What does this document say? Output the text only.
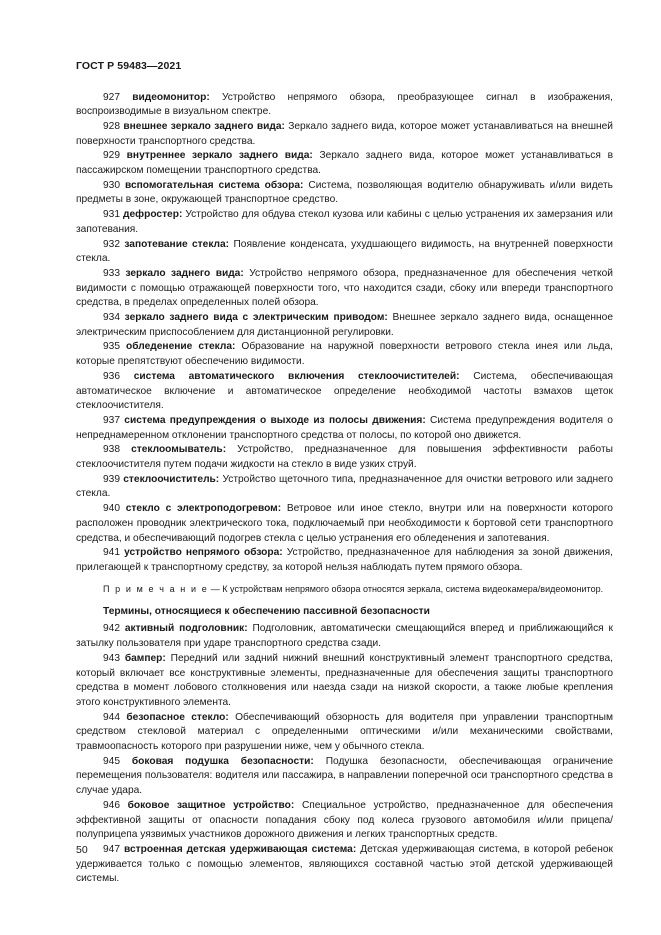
ГОСТ Р 59483—2021

927 видеомонитор: Устройство непрямого обзора, преобразующее сигнал в изображения, воспроизводимые в визуальном спектре.

928 внешнее зеркало заднего вида: Зеркало заднего вида, которое может устанавливаться на внешней поверхности транспортного средства.

929 внутреннее зеркало заднего вида: Зеркало заднего вида, которое может устанавливаться в пассажирском помещении транспортного средства.

930 вспомогательная система обзора: Система, позволяющая водителю обнаруживать и/или видеть предметы в зоне, окружающей транспортное средство.

931 дефростер: Устройство для обдува стекол кузова или кабины с целью устранения их замерзания или запотевания.

932 запотевание стекла: Появление конденсата, ухудшающего видимость, на внутренней поверхности стекла.

933 зеркало заднего вида: Устройство непрямого обзора, предназначенное для обеспечения четкой видимости с помощью отражающей поверхности того, что находится сзади, сбоку или впереди транспортного средства, в пределах определенных полей обзора.

934 зеркало заднего вида с электрическим приводом: Внешнее зеркало заднего вида, оснащенное электрическим приспособлением для дистанционной регулировки.

935 обледенение стекла: Образование на наружной поверхности ветрового стекла инея или льда, которые препятствуют обеспечению видимости.

936 система автоматического включения стеклоочистителей: Система, обеспечивающая автоматическое включение и автоматическое определение необходимой частоты взмахов щеток стеклоочистителя.

937 система предупреждения о выходе из полосы движения: Система предупреждения водителя о непреднамеренном отклонении транспортного средства от полосы, по которой оно движется.

938 стеклоомыватель: Устройство, предназначенное для повышения эффективности работы стеклоочистителя путем подачи жидкости на стекло в виде узких струй.

939 стеклоочиститель: Устройство щеточного типа, предназначенное для очистки ветрового или заднего стекла.

940 стекло с электроподогревом: Ветровое или иное стекло, внутри или на поверхности которого расположен проводник электрического тока, подключаемый при необходимости к бортовой сети транспортного средства, и обеспечивающий подогрев стекла с целью устранения его обледенения и запотевания.

941 устройство непрямого обзора: Устройство, предназначенное для наблюдения за зоной движения, прилегающей к транспортному средству, за которой нельзя наблюдать путем прямого обзора.

П р и м е ч а н и е — К устройствам непрямого обзора относятся зеркала, система видеокамера/видеомонитор.

Термины, относящиеся к обеспечению пассивной безопасности

942 активный подголовник: Подголовник, автоматически смещающийся вперед и приближающийся к затылку пользователя при ударе транспортного средства сзади.

943 бампер: Передний или задний нижний внешний конструктивный элемент транспортного средства, который включает все конструктивные элементы, предназначенные для обеспечения защиты транспортного средства в момент лобового столкновения или наезда сзади на низкой скорости, а также любые крепления этого конструктивного элемента.

944 безопасное стекло: Обеспечивающий обзорность для водителя при управлении транспортным средством стекловой материал с определенными оптическими и/или механическими свойствами, травмоопасность которого при разрушении ниже, чем у обычного стекла.

945 боковая подушка безопасности: Подушка безопасности, обеспечивающая ограничение перемещения пользователя: водителя или пассажира, в направлении поперечной оси транспортного средства в случае удара.

946 боковое защитное устройство: Специальное устройство, предназначенное для обеспечения эффективной защиты от опасности попадания сбоку под колеса грузового автомобиля и/или прицепа/полуприцепа уязвимых участников дорожного движения и легких транспортных средств.

947 встроенная детская удерживающая система: Детская удерживающая система, в которой ребенок удерживается только с помощью элементов, являющихся составной частью этой детской удерживающей системы.

50
